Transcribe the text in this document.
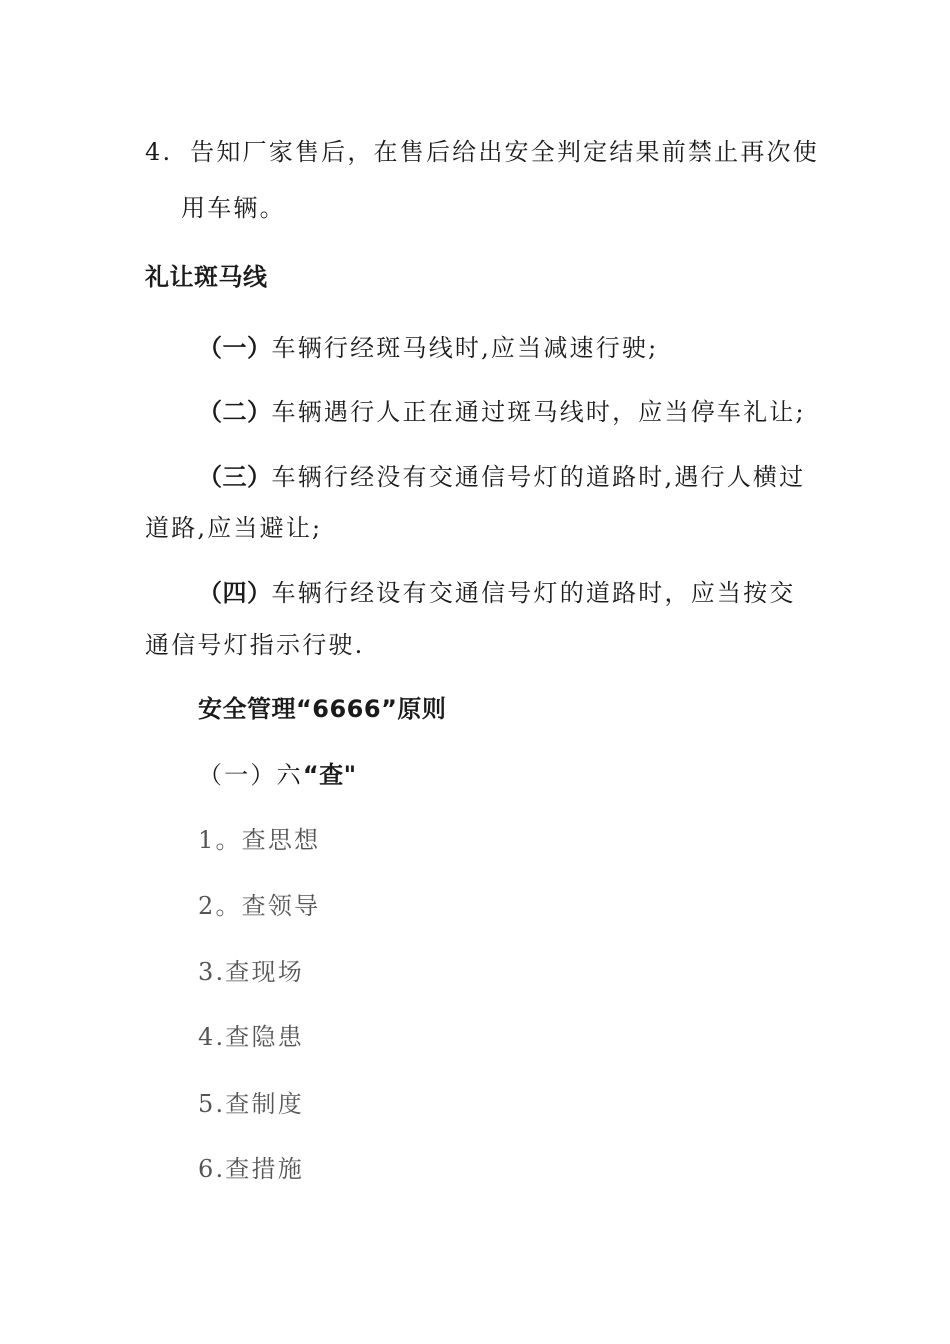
4. 告知厂家售后，在售后给出安全判定结果前禁止再次使
用车辆。
礼让斑马线
（一）车辆行经斑马线时,应当减速行驶;
（二）车辆遇行人正在通过斑马线时，应当停车礼让;
（三）车辆行经没有交通信号灯的道路时,遇行人横过
道路,应当避让;
（四）车辆行经设有交通信号灯的道路时，应当按交
通信号灯指示行驶.
安全管理“6666”原则
（一）六“查"
1。查思想
2。查领导
3.查现场
4.查隐患
5.查制度
6.查措施
